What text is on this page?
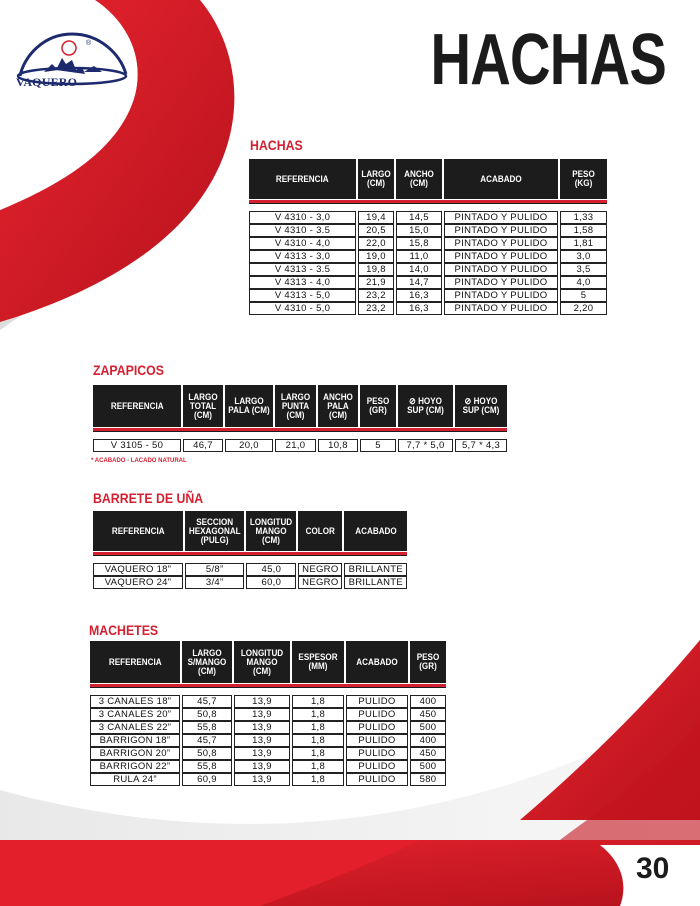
VAQUERO
®	HACHAS
HACHAS
REFERENCIA	LARGO (CM)	ANCHO (CM)	ACABADO	PESO (KG)

V 4310 - 3,0	19,4	14,5	PINTADO Y PULIDO	1,33
V 4310 - 3.5	20,5	15,0	PINTADO Y PULIDO	1,58
V 4310 - 4,0	22,0	15,8	PINTADO Y PULIDO	1,81
V 4313 - 3,0	19,0	11,0	PINTADO Y PULIDO	3,0
V 4313 - 3.5	19,8	14,0	PINTADO Y PULIDO	3,5
V 4313 - 4,0	21,9	14,7	PINTADO Y PULIDO	4,0
V 4313 - 5,0	23,2	16,3	PINTADO Y PULIDO	5
V 4310 - 5,0	23,2	16,3	PINTADO Y PULIDO	2,20
ZAPAPICOS
REFERENCIA	LARGO TOTAL (CM)	LARGO PALA (CM)	LARGO PUNTA (CM)	ANCHO PALA (CM)	PESO (GR)	⊘ HOYO SUP (CM)	⊘ HOYO SUP (CM)

V 3105 - 50	46,7	20,0	21,0	10,8	5	7,7 * 5,0	5,7 * 4,3
* ACABADO - LACADO NATURAL
BARRETE DE UÑA
REFERENCIA	SECCION HEXAGONAL (PULG)	LONGITUD MANGO (CM)	COLOR	ACABADO

VAQUERO 18”	5/8”	45,0	NEGRO	BRILLANTE
VAQUERO 24”	3/4”	60,0	NEGRO	BRILLANTE
MACHETES
REFERENCIA	LARGO S/MANGO (CM)	LONGITUD MANGO (CM)	ESPESOR (MM)	ACABADO	PESO (GR)

3 CANALES 18”	45,7	13,9	1,8	PULIDO	400
3 CANALES 20”	50,8	13,9	1,8	PULIDO	450
3 CANALES 22”	55,8	13,9	1,8	PULIDO	500
BARRIGON 18”	45,7	13,9	1,8	PULIDO	400
BARRIGON 20”	50,8	13,9	1,8	PULIDO	450
BARRIGON 22”	55,8	13,9	1,8	PULIDO	500
RULA 24”	60,9	13,9	1,8	PULIDO	580
30
